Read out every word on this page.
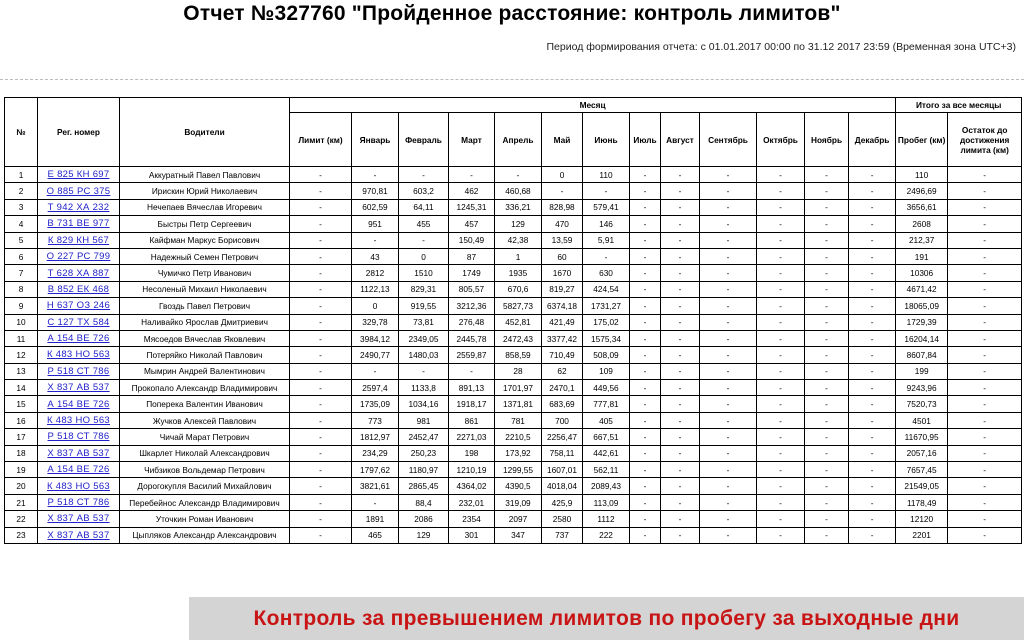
Отчет №327760 "Пройденное расстояние: контроль лимитов"
Период формирования отчета: с 01.01.2017 00:00 по 31.12 2017 23:59 (Временная зона UTC+3)
№	Рег. номер	Водители	Месяц													Итого за все месяцы	
			Лимит (км)	Январь	Февраль	Март	Апрель	Май	Июнь	Июль	Август	Сентябрь	Октябрь	Ноябрь	Декабрь	Пробег (км)	Остаток до достижения лимита (км)
1	Е 825 КН 697	Аккуратный Павел Павлович	-	-	-	-	-	0	110	-	-	-	-	-	-	110	-
2	О 885 РС 375	Ирискин Юрий Николаевич	-	970,81	603,2	462	460,68	-	-	-	-	-	-	-	-	2496,69	-
3	Т 942 ХА 232	Нечепаев Вячеслав Игоревич	-	602,59	64,11	1245,31	336,21	828,98	579,41	-	-	-	-	-	-	3656,61	-
4	В 731 ВЕ 977	Быстры Петр Сергеевич	-	951	455	457	129	470	146	-	-	-	-	-	-	2608	-
5	К 829 КН 567	Кайфман Маркус Борисович	-	-	-	150,49	42,38	13,59	5,91	-	-	-	-	-	-	212,37	-
6	О 227 РС 799	Надежный Семен Петрович	-	43	0	87	1	60	-	-	-	-	-	-	-	191	-
7	Т 628 ХА 887	Чумичко Петр Иванович	-	2812	1510	1749	1935	1670	630	-	-	-	-	-	-	10306	-
8	В 852 ЕК 468	Несоленый Михаил Николаевич	-	1122,13	829,31	805,57	670,6	819,27	424,54	-	-	-	-	-	-	4671,42	-
9	Н 637 ОЗ 246	Гвоздь Павел Петрович	-	0	919,55	3212,36	5827,73	6374,18	1731,27	-	-	-	-	-	-	18065,09	-
10	С 127 ТХ 584	Наливайко Ярослав Дмитриевич	-	329,78	73,81	276,48	452,81	421,49	175,02	-	-	-	-	-	-	1729,39	-
11	А 154 ВЕ 726	Мясоедов Вячеслав Яковлевич	-	3984,12	2349,05	2445,78	2472,43	3377,42	1575,34	-	-	-	-	-	-	16204,14	-
12	К 483 НО 563	Потеряйко Николай Павлович	-	2490,77	1480,03	2559,87	858,59	710,49	508,09	-	-	-	-	-	-	8607,84	-
13	Р 518 СТ 786	Мымрин Андрей Валентинович	-	-	-	-	28	62	109	-	-	-	-	-	-	199	-
14	Х 837 АВ 537	Прокопало Александр Владимирович	-	2597,4	1133,8	891,13	1701,97	2470,1	449,56	-	-	-	-	-	-	9243,96	-
15	А 154 ВЕ 726	Поперека Валентин Иванович	-	1735,09	1034,16	1918,17	1371,81	683,69	777,81	-	-	-	-	-	-	7520,73	-
16	К 483 НО 563	Жучков Алексей Павлович	-	773	981	861	781	700	405	-	-	-	-	-	-	4501	-
17	Р 518 СТ 786	Чичай Марат Петрович	-	1812,97	2452,47	2271,03	2210,5	2256,47	667,51	-	-	-	-	-	-	11670,95	-
18	Х 837 АВ 537	Шкарлет Николай Александрович	-	234,29	250,23	198	173,92	758,11	442,61	-	-	-	-	-	-	2057,16	-
19	А 154 ВЕ 726	Чибзиков Вольдемар Петрович	-	1797,62	1180,97	1210,19	1299,55	1607,01	562,11	-	-	-	-	-	-	7657,45	-
20	К 483 НО 563	Дорогокупля Василий Михайлович	-	3821,61	2865,45	4364,02	4390,5	4018,04	2089,43	-	-	-	-	-	-	21549,05	-
21	Р 518 СТ 786	Перебейнос Александр Владимирович	-	-	88,4	232,01	319,09	425,9	113,09	-	-	-	-	-	-	1178,49	-
22	Х 837 АВ 537	Уточкин Роман Иванович	-	1891	2086	2354	2097	2580	1112	-	-	-	-	-	-	12120	-
23	Х 837 АВ 537	Цыпляков Александр Александрович	-	465	129	301	347	737	222	-	-	-	-	-	-	2201	-
Контроль за превышением лимитов по пробегу за выходные дни
